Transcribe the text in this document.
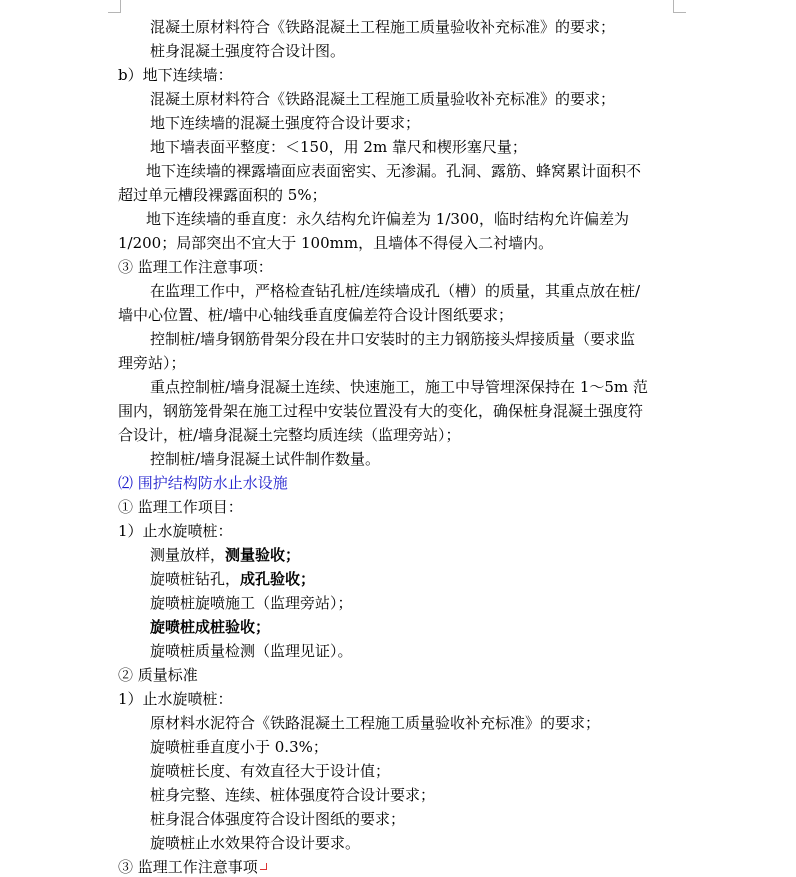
混凝土原材料符合《铁路混凝土工程施工质量验收补充标准》的要求；
桩身混凝土强度符合设计图。
b）地下连续墙：
混凝土原材料符合《铁路混凝土工程施工质量验收补充标准》的要求；
地下连续墙的混凝土强度符合设计要求；
地下墙表面平整度：＜150，用 2m 靠尺和楔形塞尺量；
地下连续墙的裸露墙面应表面密实、无渗漏。孔洞、露筋、蜂窝累计面积不
超过单元槽段裸露面积的 5%；
地下连续墙的垂直度：永久结构允许偏差为 1/300，临时结构允许偏差为
1/200；局部突出不宜大于 100mm，且墙体不得侵入二衬墙内。
③ 监理工作注意事项：
在监理工作中，严格检查钻孔桩/连续墙成孔（槽）的质量，其重点放在桩/
墙中心位置、桩/墙中心轴线垂直度偏差符合设计图纸要求；
控制桩/墙身钢筋骨架分段在井口安装时的主力钢筋接头焊接质量（要求监
理旁站）；
重点控制桩/墙身混凝土连续、快速施工，施工中导管埋深保持在 1～5m 范
围内，钢筋笼骨架在施工过程中安装位置没有大的变化，确保桩身混凝土强度符
合设计，桩/墙身混凝土完整均质连续（监理旁站）；
控制桩/墙身混凝土试件制作数量。
⑵ 围护结构防水止水设施
① 监理工作项目：
1）止水旋喷桩：
测量放样，测量验收；
旋喷桩钻孔，成孔验收；
旋喷桩旋喷施工（监理旁站）；
旋喷桩成桩验收；
旋喷桩质量检测（监理见证）。
② 质量标准
1）止水旋喷桩：
原材料水泥符合《铁路混凝土工程施工质量验收补充标准》的要求；
旋喷桩垂直度小于 0.3%；
旋喷桩长度、有效直径大于设计值；
桩身完整、连续、桩体强度符合设计要求；
桩身混合体强度符合设计图纸的要求；
旋喷桩止水效果符合设计要求。
③ 监理工作注意事项
